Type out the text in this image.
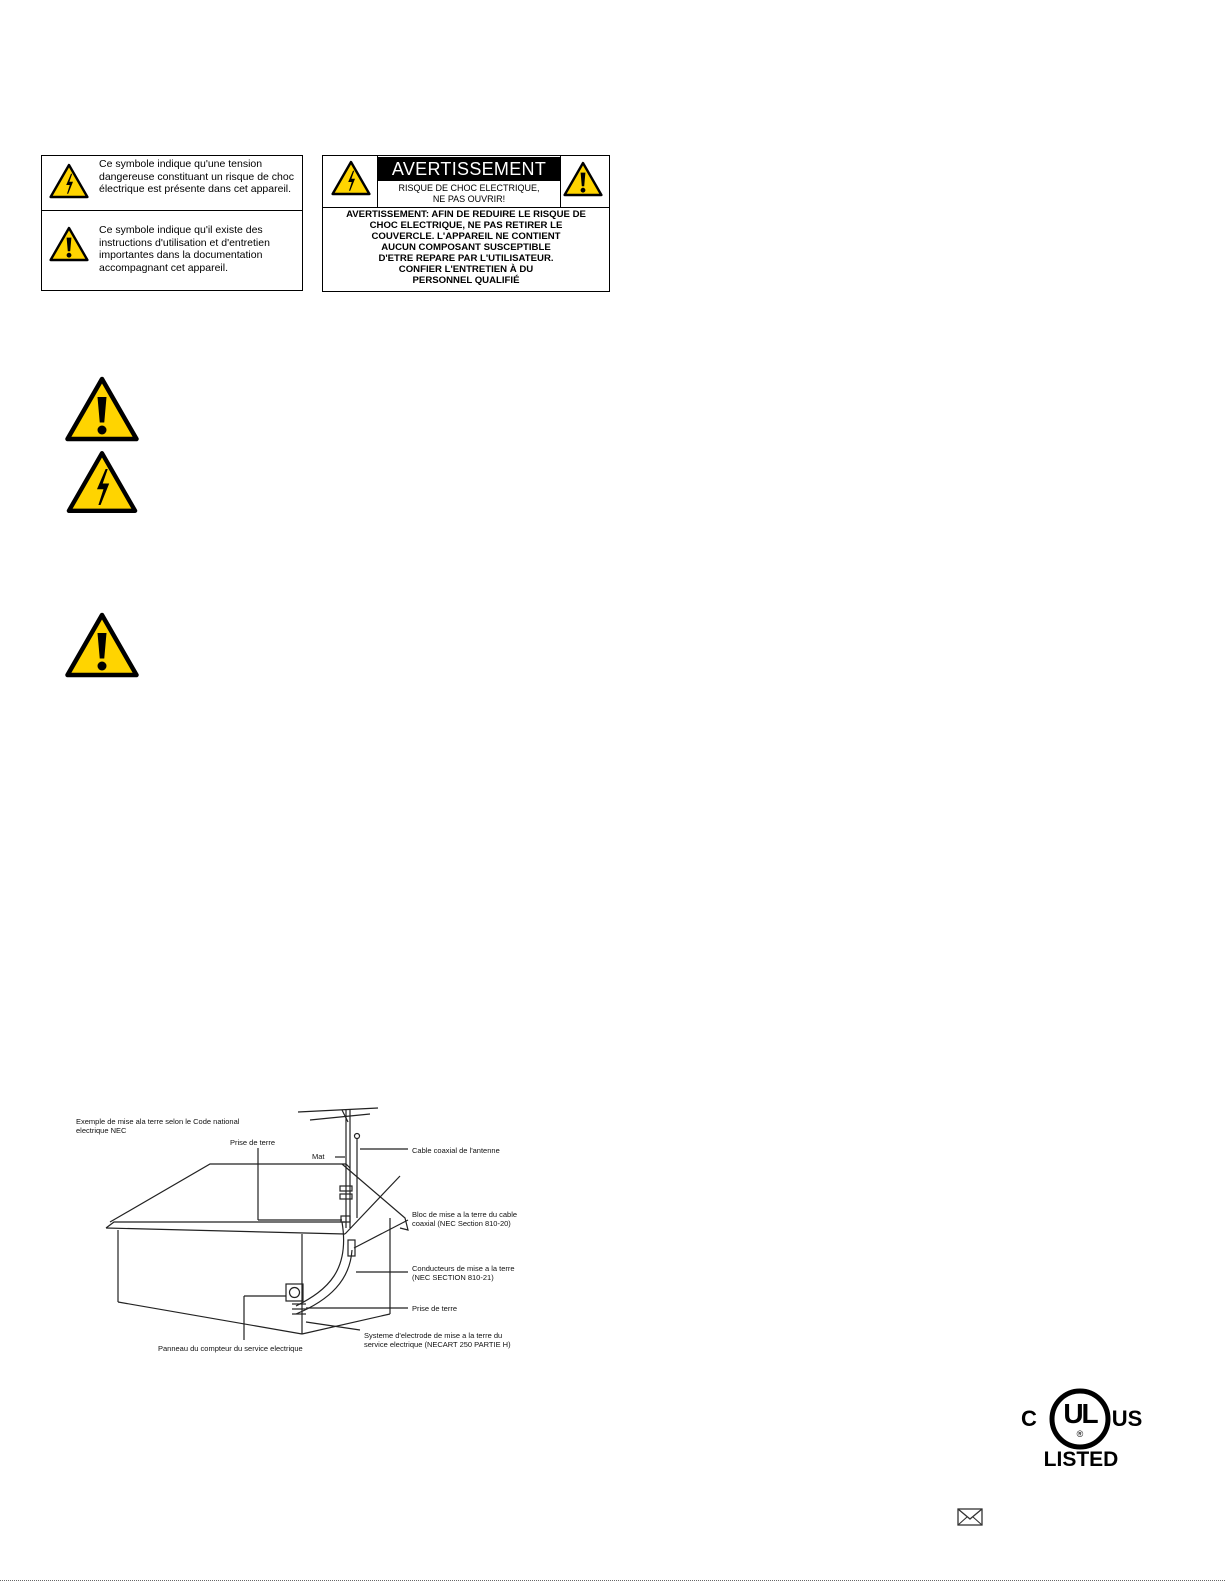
Ce symbole indique qu'une tension dangereuse constituant un risque de choc électrique est présente dans cet appareil.
Ce symbole indique qu'il existe des instructions d'utilisation et d'entretien importantes dans la documentation accompagnant cet appareil.
AVERTISSEMENT
RISQUE DE CHOC ELECTRIQUE,
NE PAS OUVRIR!
AVERTISSEMENT: AFIN DE REDUIRE LE RISQUE DE
CHOC ELECTRIQUE, NE PAS RETIRER LE
COUVERCLE. L'APPAREIL NE CONTIENT
AUCUN COMPOSANT SUSCEPTIBLE
D'ETRE REPARE PAR L'UTILISATEUR.
CONFIER L'ENTRETIEN À DU
PERSONNEL QUALIFIÉ
Exemple de mise ala terre selon le Code national
electrique NEC
Prise de terre
Mat
Cable coaxial de l'antenne
Bloc de mise a la terre du cable
coaxial (NEC Section 810-20)
Conducteurs de mise a la terre
(NEC SECTION 810-21)
Prise de terre
Systeme d'electrode de mise a la terre du
service electrique (NECART 250 PARTIE H)
Panneau du compteur du service electrique
C UL
®
US
LISTED
